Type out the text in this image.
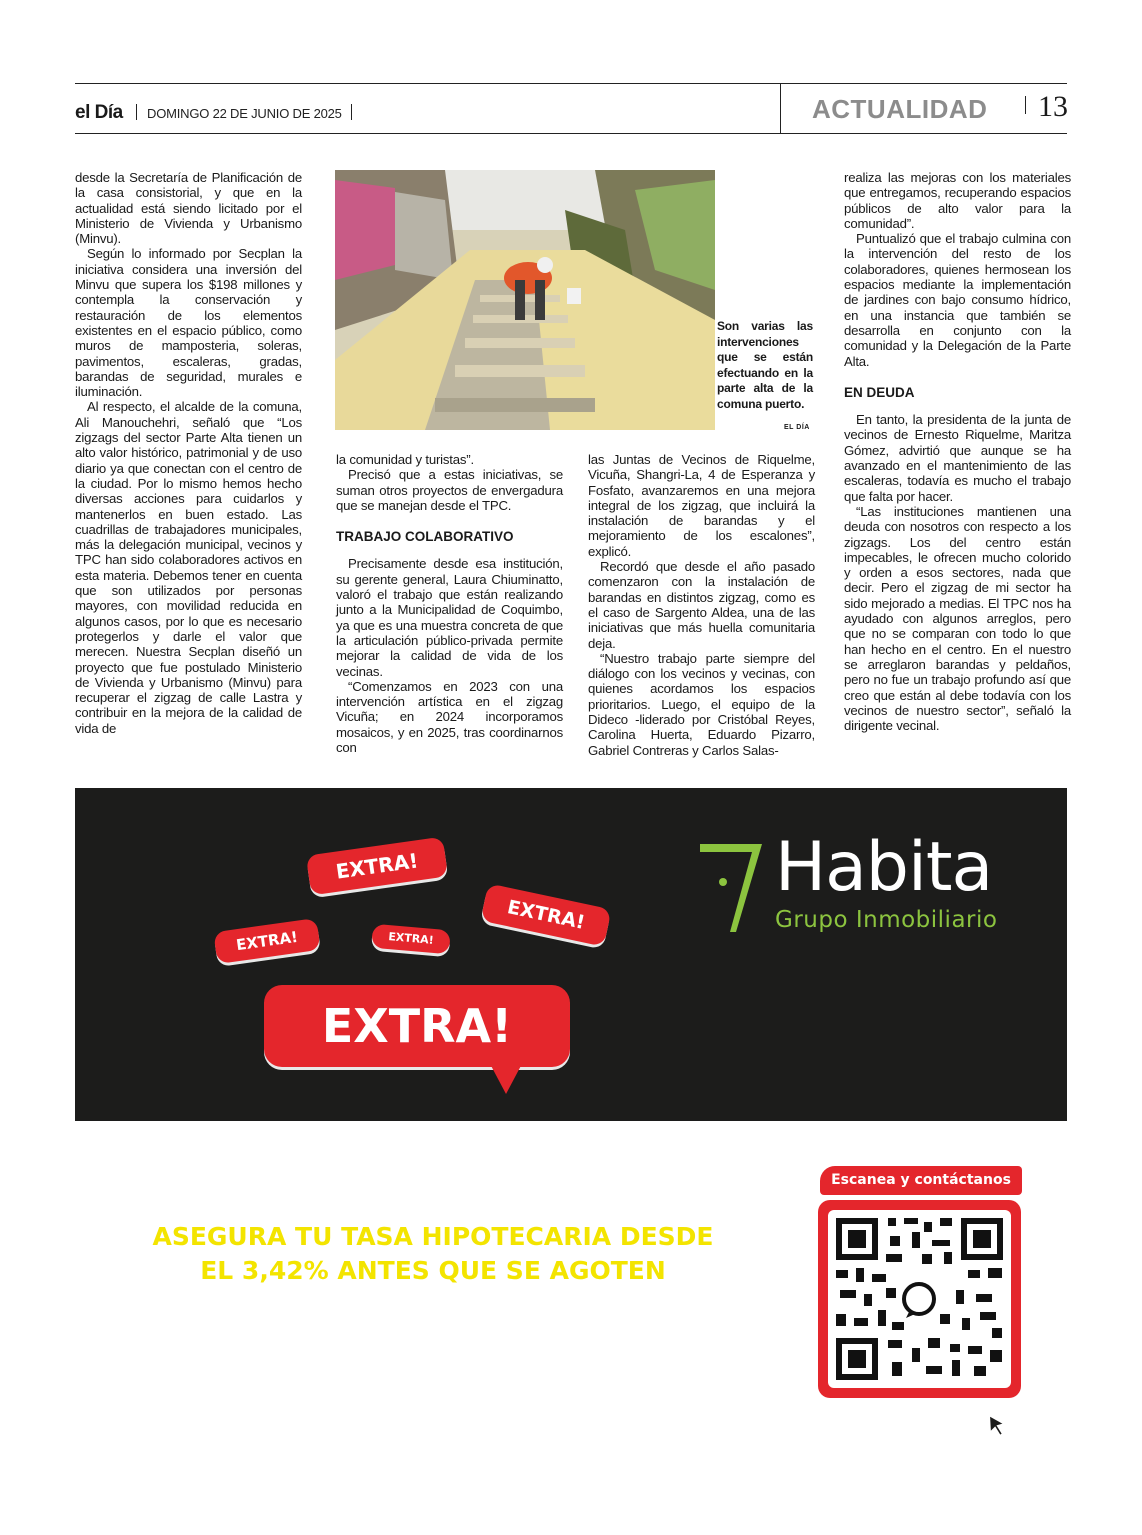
el Día DOMINGO 22 DE JUNIO DE 2025	ACTUALIDAD 13

desde la Secretaría de Planificación de la casa consistorial, y que en la actualidad está siendo licitado por el Ministerio de Vivienda y Urbanismo (Minvu).

Según lo informado por Secplan la iniciativa considera una inversión del Minvu que supera los $198 millones y contempla la conservación y restauración de los elementos existentes en el espacio público, como muros de mamposteria, soleras, pavimentos, escaleras, gradas, barandas de seguridad, murales e iluminación.

Al respecto, el alcalde de la comuna, Ali Manouchehri, señaló que “Los zigzags del sector Parte Alta tienen un alto valor histórico, patrimonial y de uso diario ya que conectan con el centro de la ciudad. Por lo mismo hemos hecho diversas acciones para cuidarlos y mantenerlos en buen estado. Las cuadrillas de trabajadores municipales, más la delegación municipal, vecinos y TPC han sido colaboradores activos en esta materia. Debemos tener en cuenta que son utilizados por personas mayores, con movilidad reducida en algunos casos, por lo que es necesario protegerlos y darle el valor que merecen. Nuestra Secplan diseñó un proyecto que fue postulado Ministerio de Vivienda y Urbanismo (Minvu) para recuperar el zigzag de calle Lastra y contribuir en la mejora de la calidad de vida de

Son varias las intervenciones que se están efectuando en la parte alta de la comuna puerto.
EL DÍA

la comunidad y turistas”.

Precisó que a estas iniciativas, se suman otros proyectos de envergadura que se manejan desde el TPC.

TRABAJO COLABORATIVO

Precisamente desde esa institución, su gerente general, Laura Chiuminatto, valoró el trabajo que están realizando junto a la Municipalidad de Coquimbo, ya que es una muestra concreta de que la articulación público-privada permite mejorar la calidad de vida de los vecinas.

“Comenzamos en 2023 con una intervención artística en el zigzag Vicuña; en 2024 incorporamos mosaicos, y en 2025, tras coordinarnos con

las Juntas de Vecinos de Riquelme, Vicuña, Shangri-La, 4 de Esperanza y Fosfato, avanzaremos en una mejora integral de los zigzag, que incluirá la instalación de barandas y el mejoramiento de los escalones”, explicó.

Recordó que desde el año pasado comenzaron con la instalación de barandas en distintos zigzag, como es el caso de Sargento Aldea, una de las iniciativas que más huella comunitaria deja.

“Nuestro trabajo parte siempre del diálogo con los vecinos y vecinas, con quienes acordamos los espacios prioritarios. Luego, el equipo de la Dideco -liderado por Cristóbal Reyes, Carolina Huerta, Eduardo Pizarro, Gabriel Contreras y Carlos Salas-

realiza las mejoras con los materiales que entregamos, recuperando espacios públicos de alto valor para la comunidad”.

Puntualizó que el trabajo culmina con la intervención del resto de los colaboradores, quienes hermosean los espacios mediante la implementación de jardines con bajo consumo hídrico, en una instancia que también se desarrolla en conjunto con la comunidad y la Delegación de la Parte Alta.

EN DEUDA

En tanto, la presidenta de la junta de vecinos de Ernesto Riquelme, Maritza Gómez, advirtió que aunque se ha avanzado en el mantenimiento de las escaleras, todavía es mucho el trabajo que falta por hacer.

“Las instituciones mantienen una deuda con nosotros con respecto a los zigzags. Los del centro están impecables, le ofrecen mucho colorido y orden a esos sectores, nada que decir. Pero el zigzag de mi sector ha sido mejorado a medias. El TPC nos ha ayudado con algunos arreglos, pero que no se comparan con todo lo que han hecho en el centro. En el nuestro se arreglaron barandas y peldaños, pero no fue un trabajo profundo así que creo que están al debe todavía con los vecinos de nuestro sector”, señaló la dirigente vecinal.

EXTRA!
EXTRA!
EXTRA!	EXTRA!
EXTRA!
¡OPORTUNIDAD ÚNICA!
ASEGURA TU TASA HIPOTECARIA DESDE EL 3,42% ANTES QUE SE AGOTEN
Te evaluamos y
Pre aprobamos en 24 hrs
Habita
Grupo Inmobiliario
Escanea y contáctanos
ihabita.cl
